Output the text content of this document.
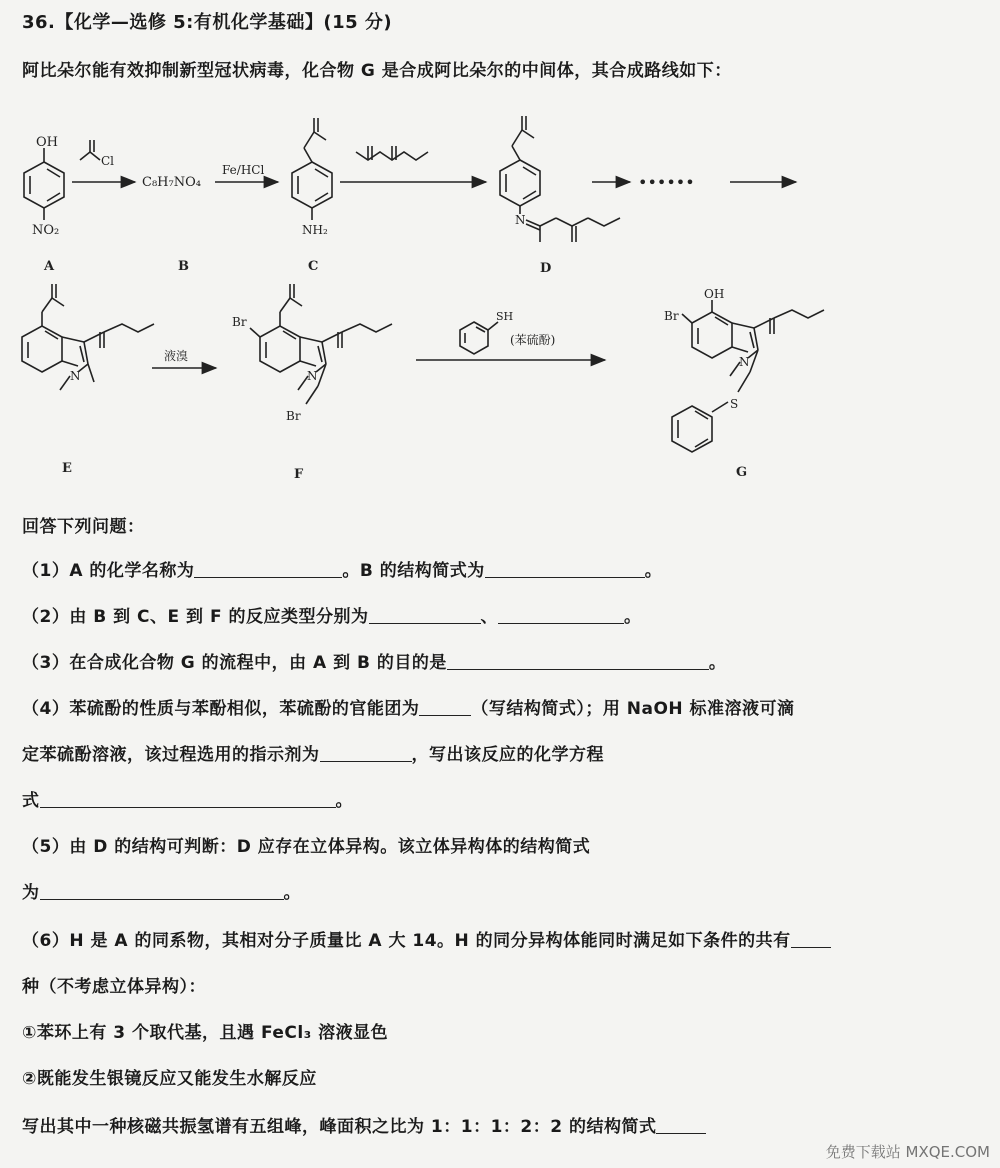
36.【化学—选修 5:有机化学基础】(15 分)
阿比朵尔能有效抑制新型冠状病毒，化合物 G 是合成阿比朵尔的中间体，其合成路线如下：
OH
NO₂
A
Cl
C₈H₇NO₄
B
Fe/HCl
NH₂
C
N
D
••••••
N
E
液溴
Br
N
Br
F
SH
(苯硫酚)
Br
OH
N
S
G
回答下列问题：
（1）A 的化学名称为	。B 的结构简式为	。
（2）由 B 到 C、E 到 F 的反应类型分别为	、	。
（3）在合成化合物 G 的流程中，由 A 到 B 的目的是	。
（4）苯硫酚的性质与苯酚相似，苯硫酚的官能团为	（写结构简式）；用 NaOH 标准溶液可滴
定苯硫酚溶液，该过程选用的指示剂为	，写出该反应的化学方程
式	。
（5）由 D 的结构可判断：D 应存在立体异构。该立体异构体的结构简式
为	。
（6）H 是 A 的同系物，其相对分子质量比 A 大 14。H 的同分异构体能同时满足如下条件的共有
种（不考虑立体异构）：
①苯环上有 3 个取代基，且遇 FeCl₃ 溶液显色
②既能发生银镜反应又能发生水解反应
写出其中一种核磁共振氢谱有五组峰，峰面积之比为 1：1：1：2：2 的结构简式
免费下载站 MXQE.COM
